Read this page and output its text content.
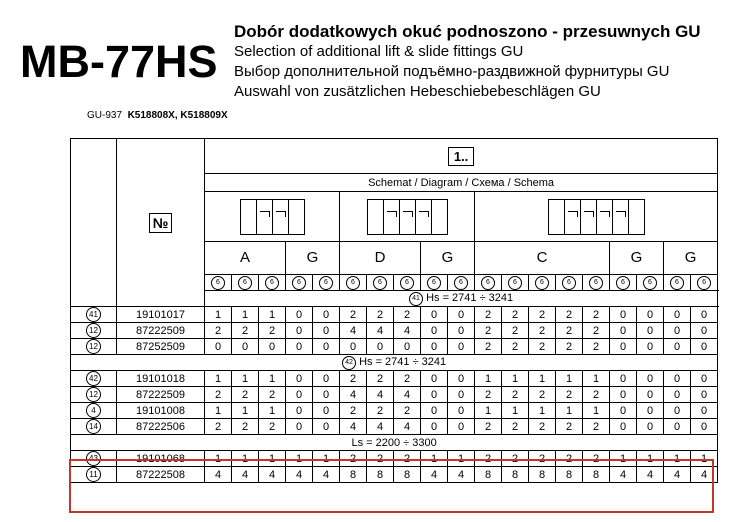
MB-77HS
Dobór dodatkowych okuć podnoszono - przesuwnych GU
Selection of additional lift & slide fittings GU
Выбор дополнительной подъёмно-раздвижной фурнитуры GU
Auswahl von zusätzlichen Hebeschiebebeschlägen GU
GU-937 K518808X, K518809X
	№	1..																		
		Schemat / Diagram / Схема / Schema																		

		A			G		D			G		C					G		G	
		6	6	6	6	6	6	6	6	6	6	6	6	6	6	6	6	6	6	6
		41 Hs = 2741 ÷ 3241																		
41	19101017	1	1	1	0	0	2	2	2	0	0	2	2	2	2	2	0	0	0	0
12	87222509	2	2	2	0	0	4	4	4	0	0	2	2	2	2	2	0	0	0	0
12	87252509	0	0	0	0	0	0	0	0	0	0	2	2	2	2	2	0	0	0	0
42 Hs = 2741 ÷ 3241																				
42	19101018	1	1	1	0	0	2	2	2	0	0	1	1	1	1	1	0	0	0	0
12	87222509	2	2	2	0	0	4	4	4	0	0	2	2	2	2	2	0	0	0	0
4	19101008	1	1	1	0	0	2	2	2	0	0	1	1	1	1	1	0	0	0	0
14	87222506	2	2	2	0	0	4	4	4	0	0	2	2	2	2	2	0	0	0	0
Ls = 2200 ÷ 3300																				
43	19101068	1	1	1	1	1	2	2	2	1	1	2	2	2	2	2	1	1	1	1
11	87222508	4	4	4	4	4	8	8	8	4	4	8	8	8	8	8	4	4	4	4
